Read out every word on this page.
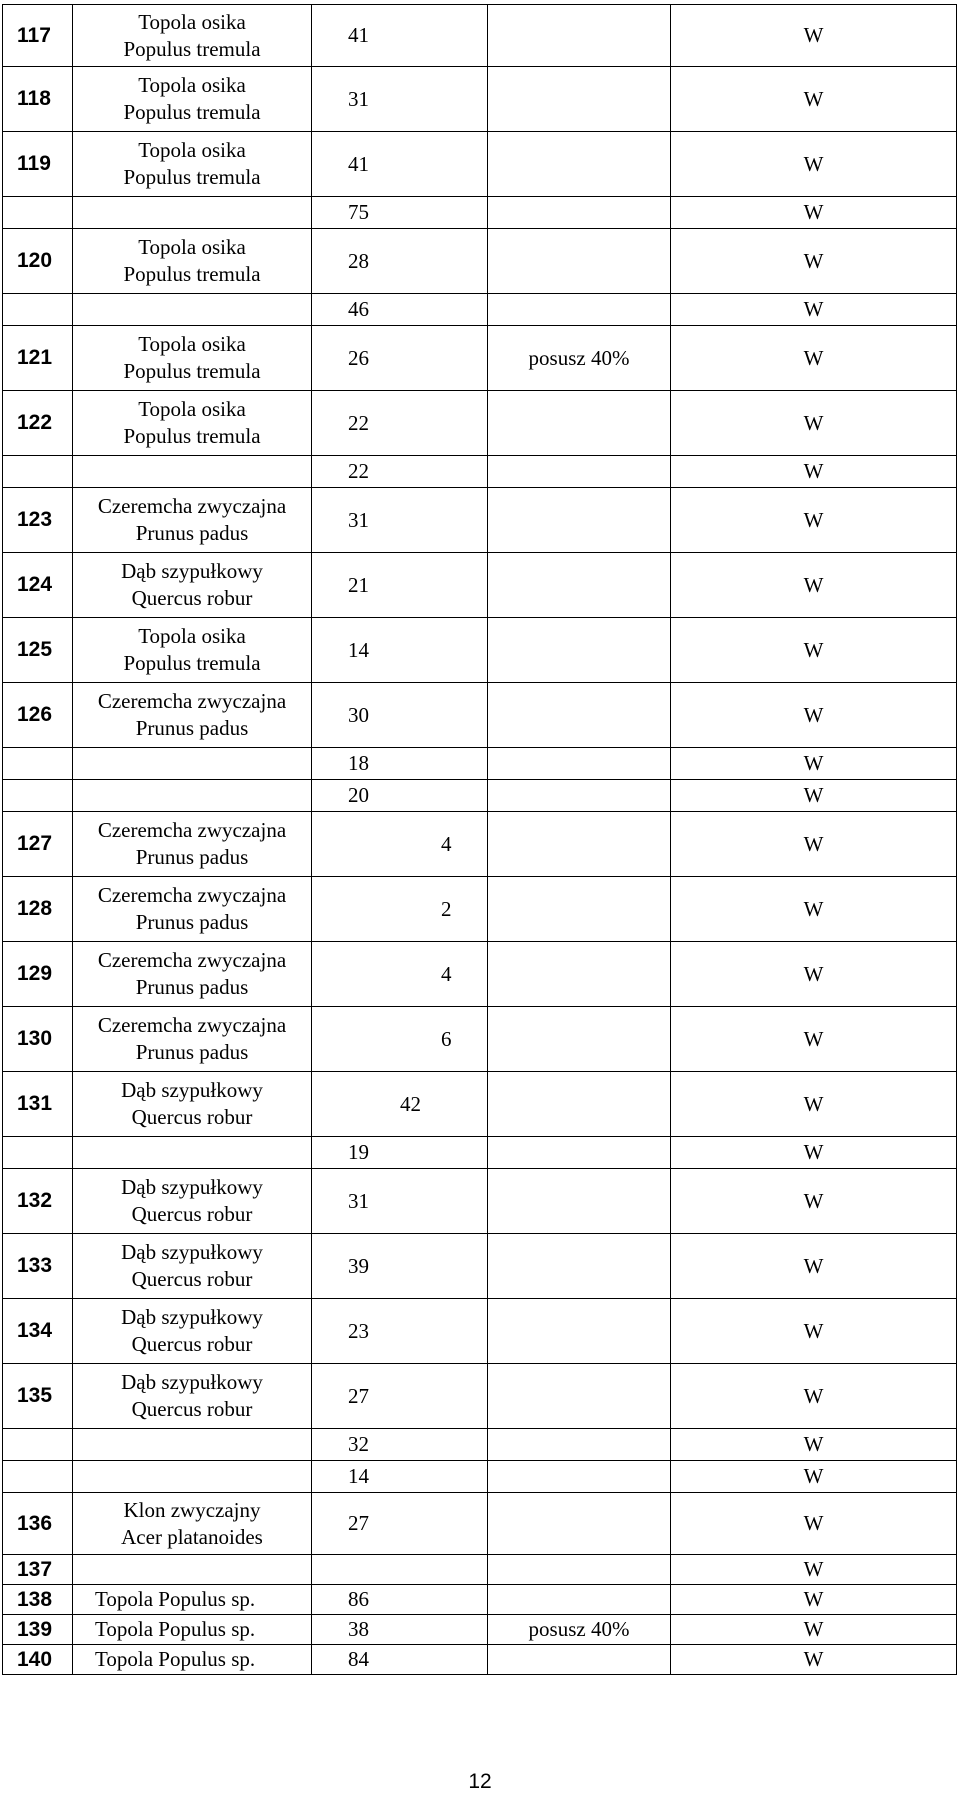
117	Topola osika
Populus tremula	41		W
118	Topola osika
Populus tremula	31		W
119	Topola osika
Populus tremula	41		W

	75		W
120	Topola osika
Populus tremula	28		W

	46		W
121	Topola osika
Populus tremula	26	posusz 40%	W
122	Topola osika
Populus tremula	22		W

	22		W
123	Czeremcha zwyczajna
Prunus padus	31		W
124	Dąb szypułkowy
Quercus robur	21		W
125	Topola osika
Populus tremula	14		W
126	Czeremcha zwyczajna
Prunus padus	30		W

	18		W

	20		W
127	Czeremcha zwyczajna
Prunus padus	4		W
128	Czeremcha zwyczajna
Prunus padus	2		W
129	Czeremcha zwyczajna
Prunus padus	4		W
130	Czeremcha zwyczajna
Prunus padus	6		W
131	Dąb szypułkowy
Quercus robur	42		W

	19		W
132	Dąb szypułkowy
Quercus robur	31		W
133	Dąb szypułkowy
Quercus robur	39		W
134	Dąb szypułkowy
Quercus robur	23		W
135	Dąb szypułkowy
Quercus robur	27		W

	32		W

	14		W
136	Klon zwyczajny
Acer platanoides	27		W
137				W
138	Topola Populus sp.	86		W
139	Topola Populus sp.	38	posusz 40%	W
140	Topola Populus sp.	84		W
12
